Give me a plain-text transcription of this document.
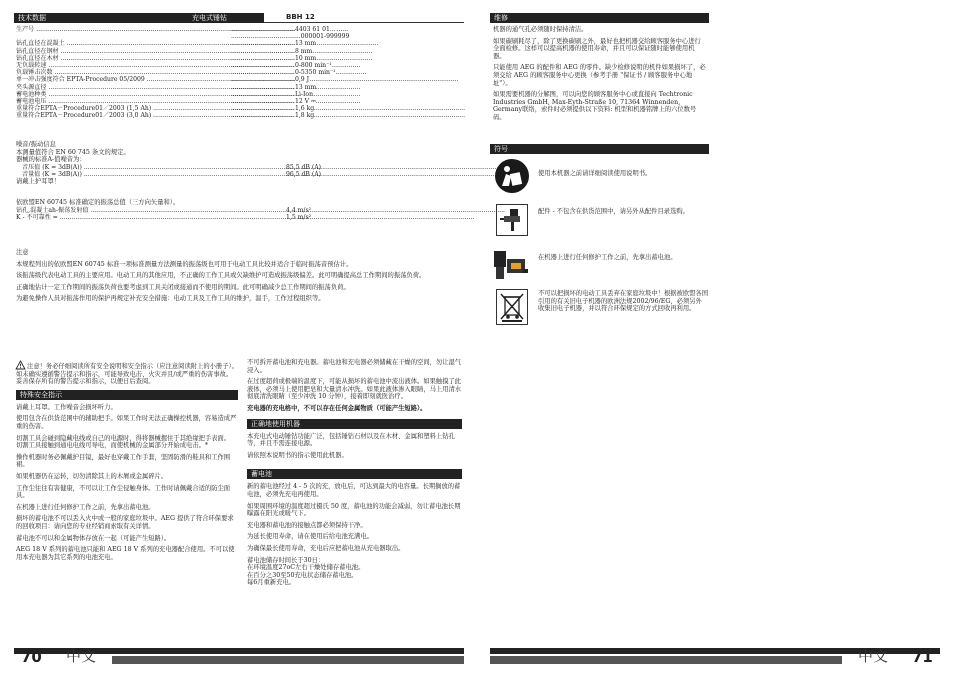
技术数据	充电式锤钻	BBH 12
生产号 .....	..... 4403 61 01...
..... ...000001-999999
钻孔直径在混凝土 .....	..... 13 mm
钻孔直径在钢材 .....	..... 8 mm
钻孔直径在木材 .....	..... 10 mm
无负载转速 .....	..... 0-800 min⁻¹
负载锤击次数 .....	..... 0-5350 min⁻¹
单一冲击强度符合 EPTA-Procedure 05/2009 .....	..... 0,9 J
夹头源直径 .....	..... 13 mm
蓄电池种类 .....	..... Li-Ion
蓄电池电压 .....	..... 12 V ⎓
重量符合EPTA－Procedure01／2003 (1,5 Ah) .....	..... 1,6 kg
重量符合EPTA－Procedure01／2003 (3,0 Ah) .....	..... 1,8 kg
噪音/振动信息
本测量值符合 EN 60 745 条文的规定。
器械的标准A-值噪音为：
音压值 (K = 3dB(A)) .....	85,5 dB (A)
音量值 (K = 3dB(A)) .....	96,5 dB (A)
请戴上护耳罩！
依欧盟EN 60745 标准确定的振荡总值（三方向矢量和）。
钻孔,混凝土ah-振荡发射值 .....	4,4 m/s²
K - 不可靠性 = .....	1,5 m/s²
注意
本规程列出的依欧盟EN 60745 标准一项标准测量方法测量的振荡级也可用于电动工具比较并适合于临时振荡音预估计。
该振荡级代表电动工具的主要应用。电动工具的其他应用，不正确的工作工具或欠缺维护可造成振荡级偏差。此可明确提高总工作期间的振荡负荷。
正确地估计一定工作期间的振荡负荷也要考虑到工具关闭或接通而不使用的期间。此可明确减少总工作期间的振荡负荷。
为避免操作人员对振荡作用的保护再规定补充安全措施：电动工具及工作工具的维护，温手，工作过程组织等。
注意！务必仔细阅读所有安全说明和安全指示（应注意阅读附上的小册子）。如未确实遵循警告提示和指示，可能导致电击、火灾并且/或严重的伤害事故。妥善保存所有的警告提示和指示，以便日后查阅。
特殊安全指示
请戴上耳罩。工作噪音会损坏听力。
使用包含在供货范围中的辅助把手。如果工作时无法正确操控机器，容易造成严重的伤害。
切割工具会碰到隐藏电线或自己的电源时，得将器械握住于其绝缘把手表面。
切割工具接触到通电电线可导电，而使机械的金属部分开始成电击。*
操作机器时务必佩戴护目镜，最好也穿戴工作手套，坚固防滑的鞋具和工作围裙。
如果机器仍在运转，切勿清除其上的木屑或金属碎片。
工作尘往往有害健康，不可以让工作尘侵触身体。工作时请佩戴合适的防尘面具。
在机器上进行任何修护工作之前，先拿出蓄电池。
损坏的蓄电池不可以丢入火中或一般的家庭垃圾中。AEG 提供了符合环保要求的回收项目：请向您的专业经销商索取有关详情。
蓄电池不可以和金属物体存放在一起（可能产生短路）。
AEG 18 V 系列的蓄电池只能和 AEG 18 V 系列的充电器配合使用。不可以使用本充电器为其它系列的电池充电。
不可拆开蓄电池和充电器。蓄电池和充电器必须储藏在干燥的空间，勿让湿气浸入。
在过度超荷或极端的温度下，可能从损坏的蓄电池中流出液体。如果触摸了此液体，必须马上使用肥皂和大量清水冲洗。如果此液体渗入眼睛，马上用清水彻底清洗眼睛（至少冲洗 10 分钟），接着即刻就医治疗。
充电器的充电格中，不可以存在任何金属物质（可能产生短路）。
正确地使用机器
本充电式电动锤钻功能广泛，包括锤钻石材以及在木材、金属和塑料上钻孔等，并且不需连接电源。
请依照本说明书的指示使用此机器。
蓄电池
新的蓄电池经过 4 - 5 次的充，放电后，可达到最大的电容量。长期搁放的蓄电池，必须先充电再使用。
如果周围环境的温度超过摄氏 50 度，蓄电池的功能会减弱，勿让蓄电池长期曝露在阳光或暖气下。
充电器和蓄电池的接触点都必须保持干净。
为延长使用寿命，请在使用后给电池充满电。
为确保最长使用寿命，充电后应把蓄电池从充电器取出。
蓄电池储存时间长于30日：
在环境温度27oC左右干燥处储存蓄电池。
在百分之30至50充电状态储存蓄电池。
每6月重新充电。
70 中文
维修
机器的通气孔必须随时保持清洁。
如果碳刷耗尽了，除了更换碳刷之外，最好也把机器交给顾客服务中心进行全面检修。这样可以提高机器的使用寿命，并且可以保证随时能够使用机器。
只能使用 AEG 的配件和 AEG 的零件。缺少检修说明的机件如果损坏了，必须交给 AEG 的顾客服务中心更换（参考手册 "保证书 / 顾客服务中心地址"）。
如果需要机器的分解图，可以向您的顾客服务中心或直接向 Techtronic Industries GmbH, Max-Eyth-Straße 10, 71364 Winnenden, Germany联络，索件时必须提供以下资料: 机型和机器铭牌上的六位数号码。
符号
使用本机器之前请详细阅读使用说明书。
配件 - 不包含在供货范围中，请另外从配件目录选购。
在机器上进行任何修护工作之前，先拿出蓄电池。
不可以把损坏的电动工具丢弃在家庭垃圾中！根据被欧盟各国引用的有关旧电子机器的欧洲法规2002/96/EG，必须另外收集旧电子机器，并以符合环保规定的方式回收再利用。
中文 71
